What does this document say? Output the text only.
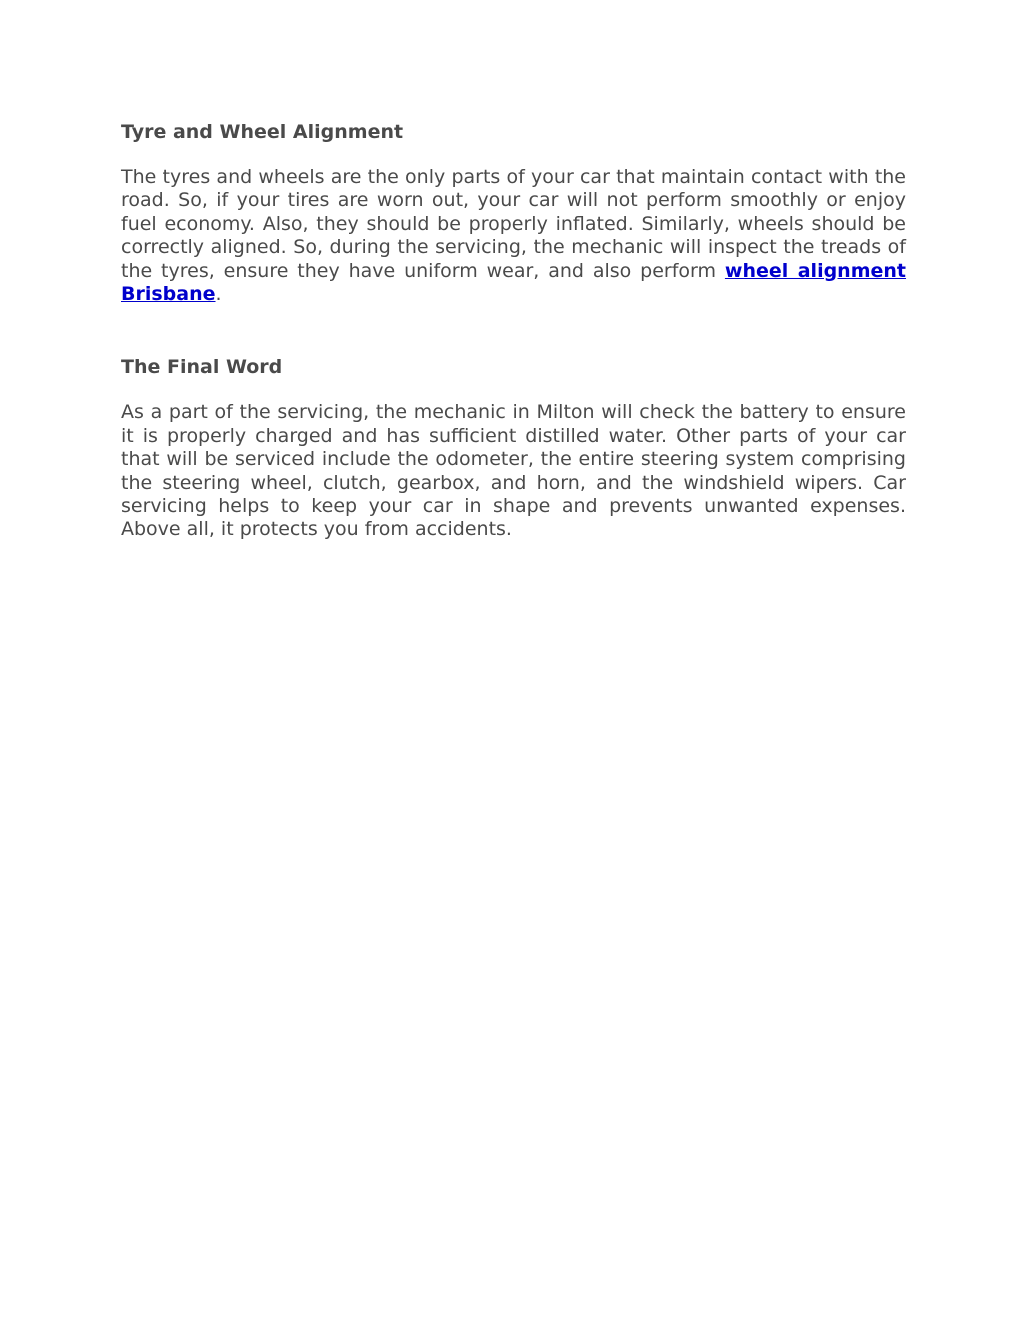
Tyre and Wheel Alignment

The tyres and wheels are the only parts of your car that maintain contact with the road. So, if your tires are worn out, your car will not perform smoothly or enjoy fuel economy. Also, they should be properly inflated. Similarly, wheels should be correctly aligned. So, during the servicing, the mechanic will inspect the treads of the tyres, ensure they have uniform wear, and also perform wheel alignment Brisbane.

The Final Word

As a part of the servicing, the mechanic in Milton will check the battery to ensure it is properly charged and has sufficient distilled water. Other parts of your car that will be serviced include the odometer, the entire steering system comprising the steering wheel, clutch, gearbox, and horn, and the windshield wipers. Car servicing helps to keep your car in shape and prevents unwanted expenses. Above all, it protects you from accidents.
